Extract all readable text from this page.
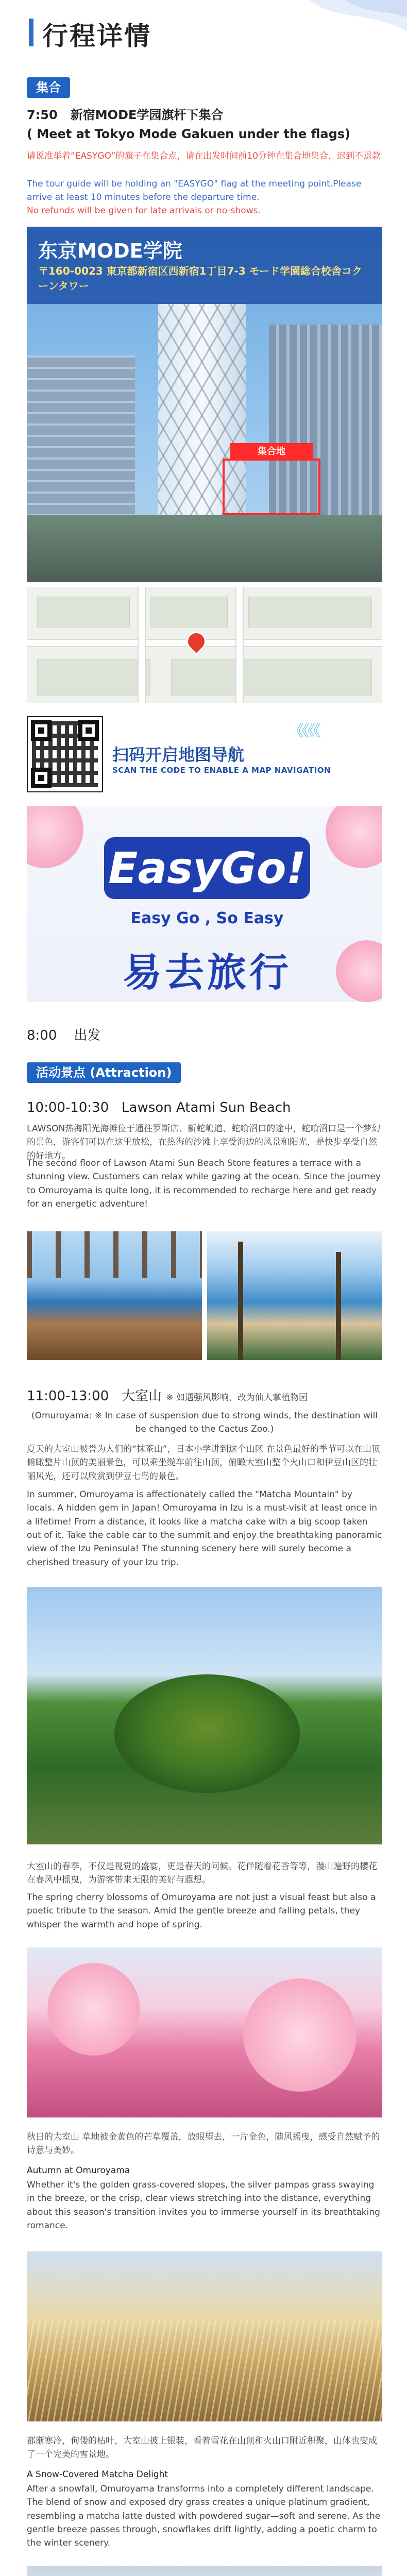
行程详情
集合
7:50 新宿MODE学园旗杆下集合
( Meet at Tokyo Mode Gakuen under the flags)
请说准举着“EASYGO”的旗子在集合点，请在出发时间前10分钟在集合地集合，迟到不退款
The tour guide will be holding an "EASYGO" flag at the meeting point.Please arrive at least 10 minutes before the departure time.
No refunds will be given for late arrivals or no-shows.
集合地
东京MODE学院
〒160-0023 東京都新宿区西新宿1丁目7-3 モード学園総合校舎コクーンタワー
《《《《
扫码开启地图导航
SCAN THE CODE TO ENABLE A MAP NAVIGATION
EasyGo!
Easy Go , So Easy
易去旅行
8:00 出发
活动景点 (Attraction)
10:00-10:30 Lawson Atami Sun Beach
LAWSON热海阳光海滩位于通往罗斯店、新蛇嶋道、蛇喰沼口的途中，蛇喰沼口是一个梦幻的景色，游客们可以在这里放松，在热海的沙滩上享受海边的风景和阳光，是快步享受自然的好地方。
The second floor of Lawson Atami Sun Beach Store features a terrace with a stunning view. Customers can relax while gazing at the ocean. Since the journey to Omuroyama is quite long, it is recommended to recharge here and get ready for an energetic adventure!
11:00-13:00 大室山 ※ 如遇强风影响，改为仙人掌植物园
(Omuroyama: ※ In case of suspension due to strong winds, the destination will be changed to the Cactus Zoo.)
夏天的大室山被誉为人们的“抹茶山”，日本小学讲到这个山区 在景色最好的季节可以在山顶俯瞰整片山顶的美丽景色，可以乘坐缆车前往山顶，俯瞰大室山整个火山口和伊豆山区的壮丽风光，还可以欣赏到伊豆七岛的景色。
In summer, Omuroyama is affectionately called the "Matcha Mountain" by locals. A hidden gem in Japan! Omuroyama in Izu is a must-visit at least once in a lifetime! From a distance, it looks like a matcha cake with a big scoop taken out of it. Take the cable car to the summit and enjoy the breathtaking panoramic view of the Izu Peninsula! The stunning scenery here will surely become a cherished treasury of your Izu trip.
大室山的春季，不仅是视觉的盛宴，更是春天的问候。花伴随着花香等等，漫山遍野的樱花在春风中摇曳，为游客带来无限的美好与遐想。
The spring cherry blossoms of Omuroyama are not just a visual feast but also a poetic tribute to the season. Amid the gentle breeze and falling petals, they whisper the warmth and hope of spring.
秋日的大室山 草地被金黄色的芒草覆盖，放眼望去，一片金色，随风摇曳，感受自然赋予的诗意与美妙。
Autumn at Omuroyama
Whether it's the golden grass-covered slopes, the silver pampas grass swaying in the breeze, or the crisp, clear views stretching into the distance, everything about this season's transition invites you to immerse yourself in its breathtaking romance.
都渐寒冷，佝偻的枯叶，大室山披上银装，看着雪花在山顶和火山口附近积聚，山体也变成了一个完美的雪景地。
A Snow-Covered Matcha Delight
After a snowfall, Omuroyama transforms into a completely different landscape. The blend of snow and exposed dry grass creates a unique platinum gradient, resembling a matcha latte dusted with powdered sugar—soft and serene. As the gentle breeze passes through, snowflakes drift lightly, adding a poetic charm to the winter scenery.
